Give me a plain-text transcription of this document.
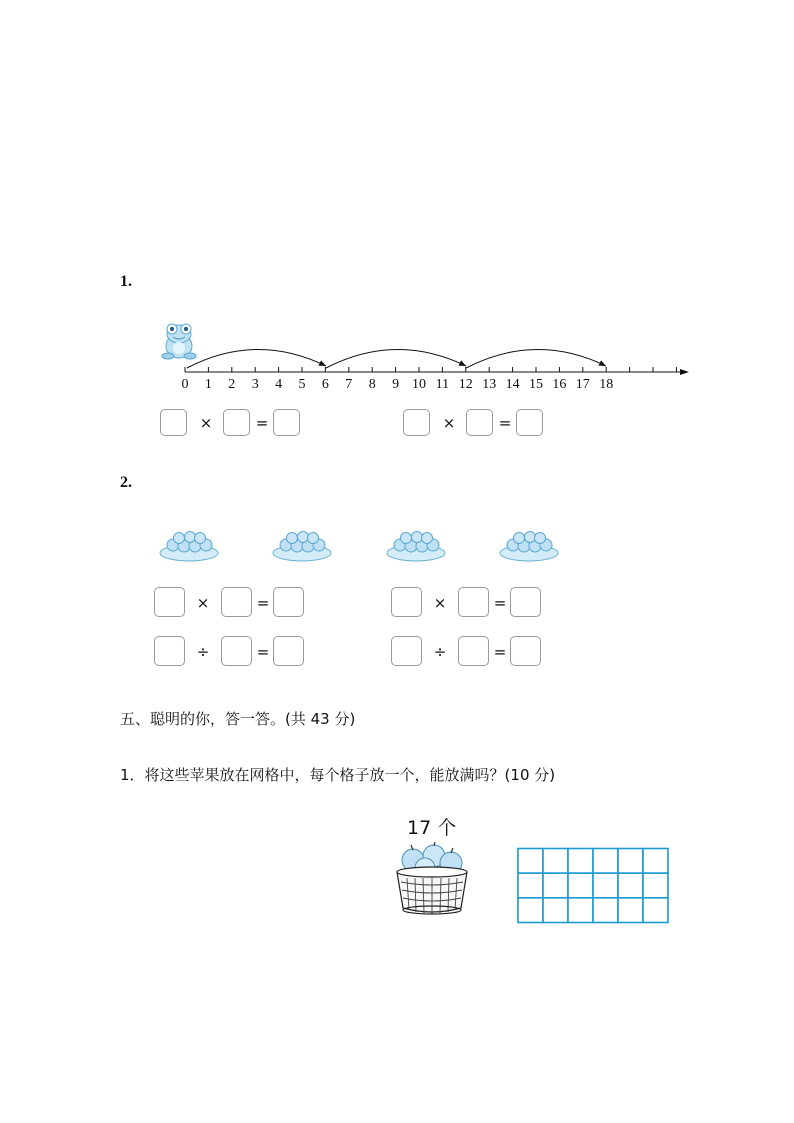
1.
0 1 2 3 4 5 6 7 8 9 10 11 12 13 14 15 16 17 18
×	=	×	=
2.
×	=	×	=
÷	=	÷	=
五、聪明的你，答一答。(共 43 分)
1．将这些苹果放在网格中，每个格子放一个，能放满吗？(10 分)
17 个
